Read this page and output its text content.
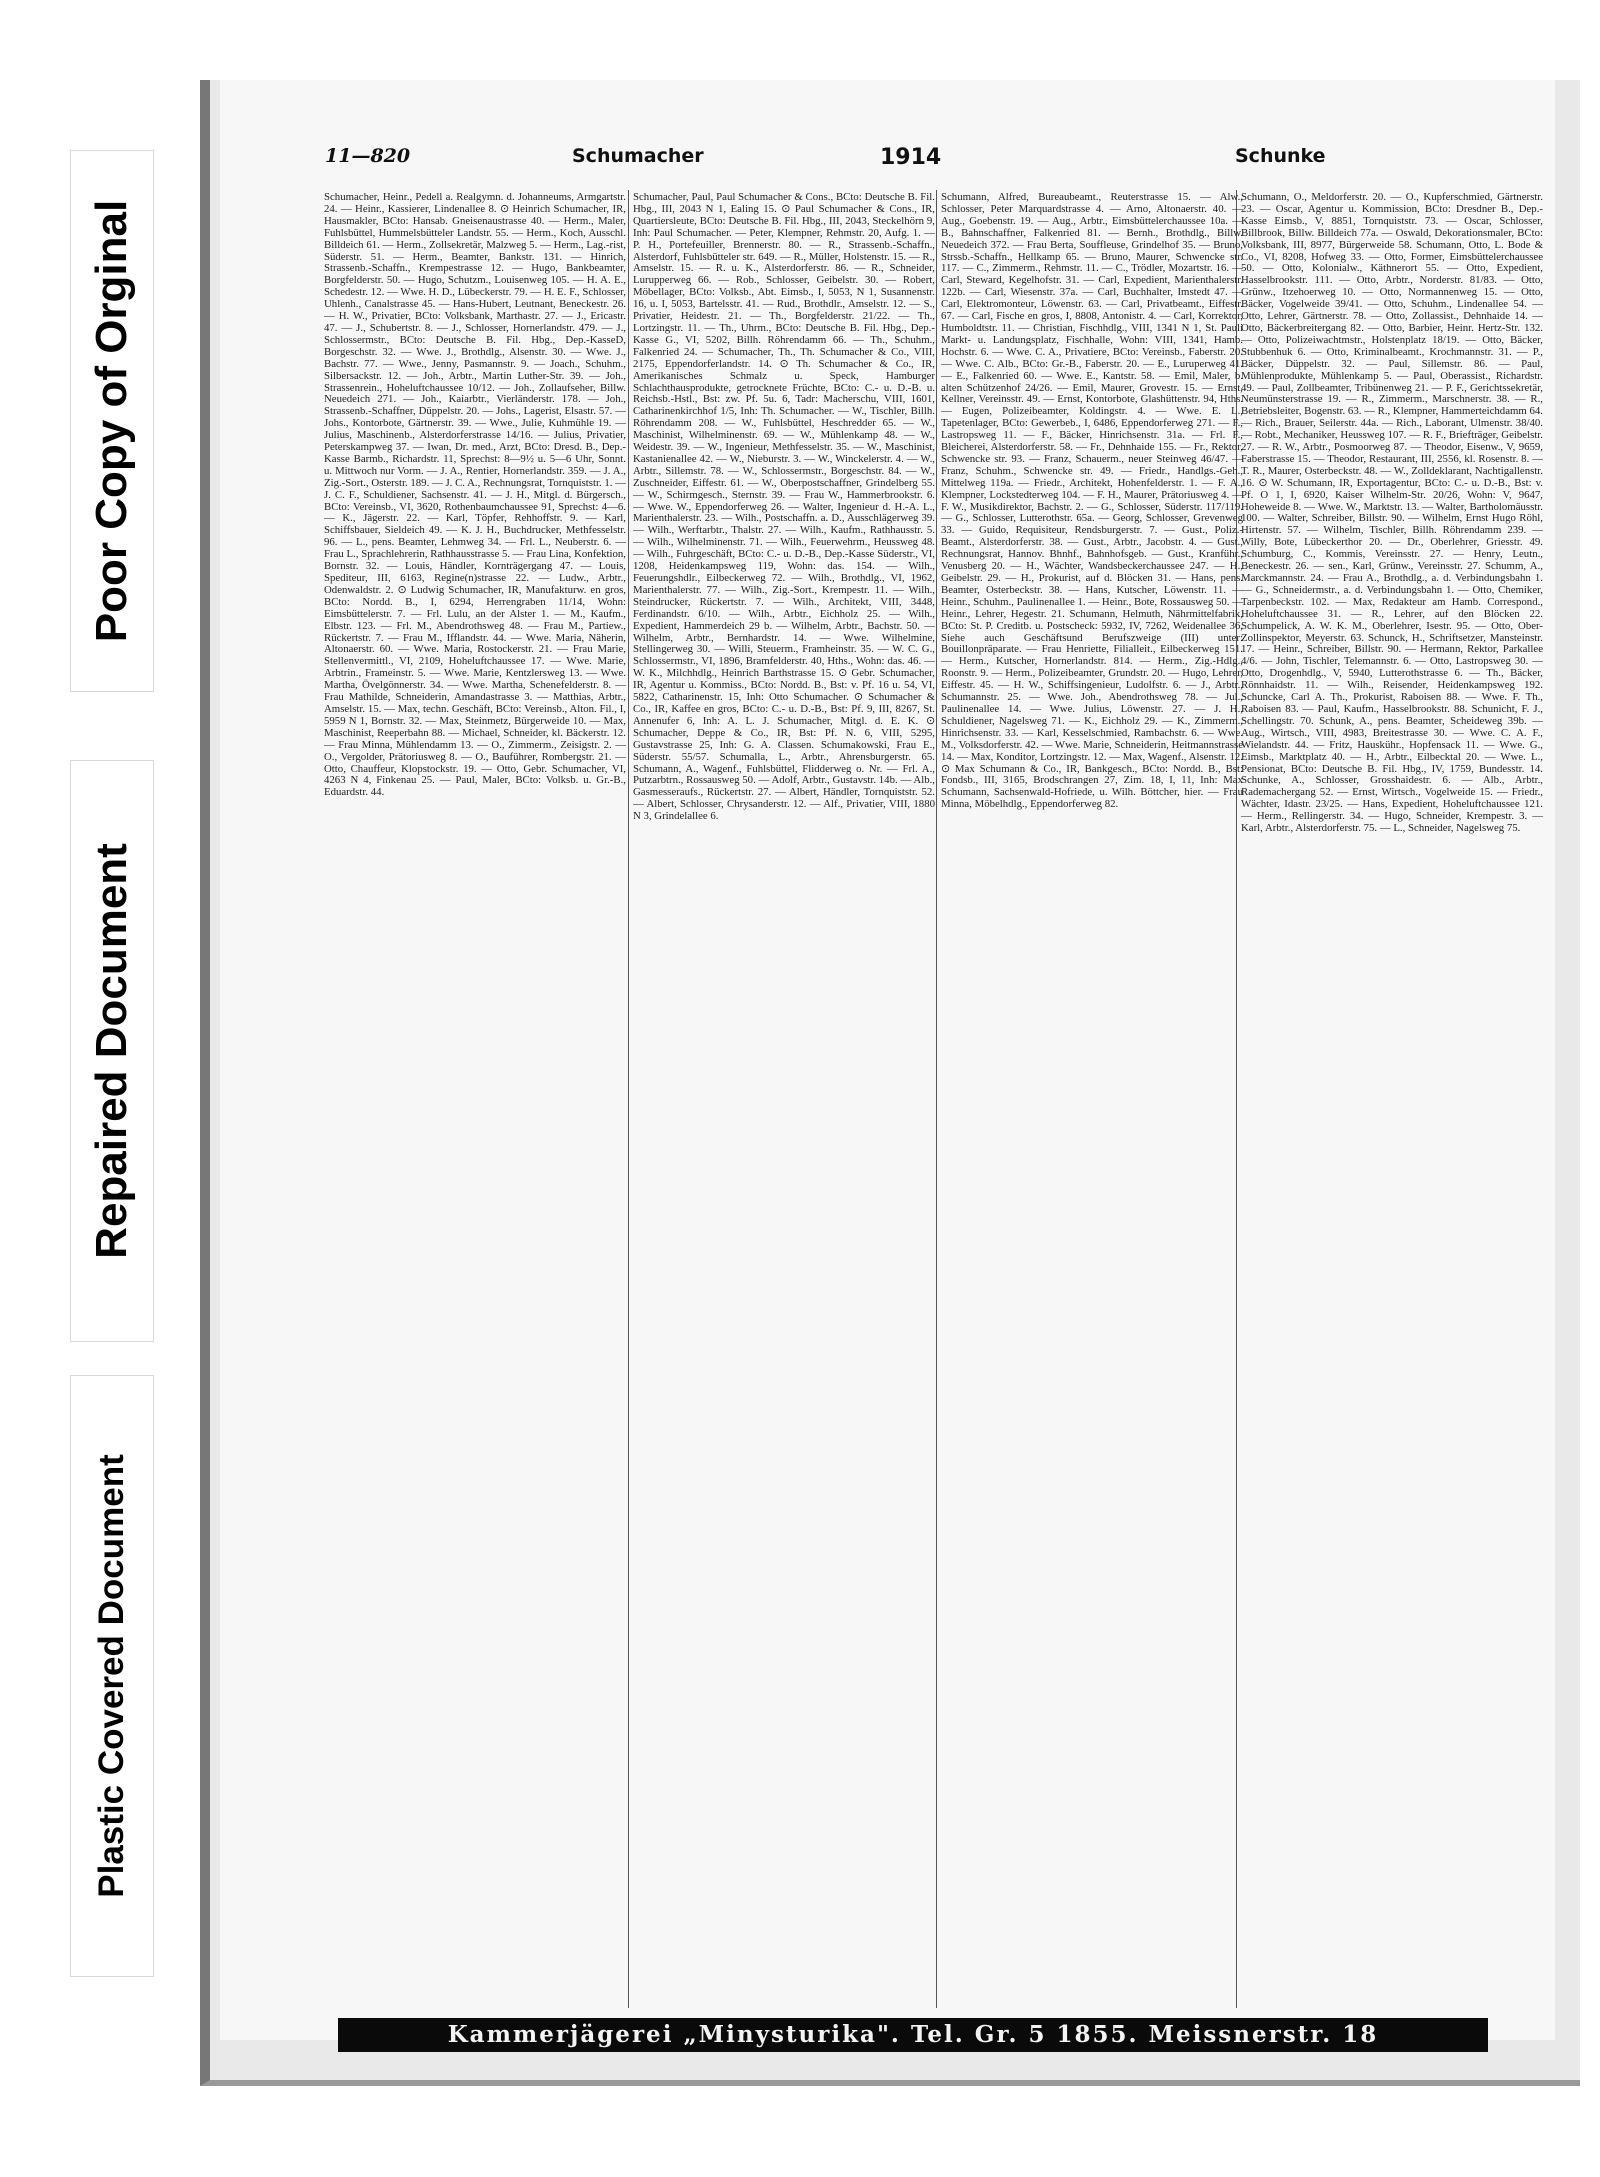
Poor Copy of Orginal
Repaired Document
Plastic Covered Document
11—820	Schumacher	1914	Schunke

Schumacher, Heinr., Pedell a. Realgymn. d. Johanneums, Armgartstr. 24. — Heinr., Kassierer, Lindenallee 8. ⊙ Heinrich Schumacher, IR, Hausmakler, BCto: Hansab. Gneisenaustrasse 40. — Herm., Maler, Fuhlsbüttel, Hummelsbütteler Landstr. 55. — Herm., Koch, Ausschl. Billdeich 61. — Herm., Zollsekretär, Malzweg 5. — Herm., Lag.-rist, Süderstr. 51. — Herm., Beamter, Bankstr. 131. — Hinrich, Strassenb.-Schaffn., Krempestrasse 12. — Hugo, Bankbeamter, Borgfelderstr. 50. — Hugo, Schutzm., Louisenweg 105. — H. A. E., Schedestr. 12. — Wwe. H. D., Lübeckerstr. 79. — H. E. F., Schlosser, Uhlenh., Canalstrasse 45. — Hans-Hubert, Leutnant, Beneckestr. 26. — H. W., Privatier, BCto: Volksbank, Marthastr. 27. — J., Ericastr. 47. — J., Schubertstr. 8. — J., Schlosser, Hornerlandstr. 479. — J., Schlossermstr., BCto: Deutsche B. Fil. Hbg., Dep.-KasseD, Borgeschstr. 32. — Wwe. J., Brothdlg., Alsenstr. 30. — Wwe. J., Bachstr. 77. — Wwe., Jenny, Pasmannstr. 9. — Joach., Schuhm., Silbersackstr. 12. — Joh., Arbtr., Martin Luther-Str. 39. — Joh., Strassenrein., Hoheluftchaussee 10/12. — Joh., Zollaufseher, Billw. Neuedeich 271. — Joh., Kaiarbtr., Vierländerstr. 178. — Joh., Strassenb.-Schaffner, Düppelstr. 20. — Johs., Lagerist, Elsastr. 57. — Johs., Kontorbote, Gärtnerstr. 39. — Wwe., Julie, Kuhmühle 19. — Julius, Maschinenb., Alsterdorferstrasse 14/16. — Julius, Privatier, Peterskampweg 37. — Iwan, Dr. med., Arzt, BCto: Dresd. B., Dep.-Kasse Barmb., Richardstr. 11, Sprechst: 8—9½ u. 5—6 Uhr, Sonnt. u. Mittwoch nur Vorm. — J. A., Rentier, Hornerlandstr. 359. — J. A., Zig.-Sort., Osterstr. 189. — J. C. A., Rechnungsrat, Tornquiststr. 1. — J. C. F., Schuldiener, Sachsenstr. 41. — J. H., Mitgl. d. Bürgersch., BCto: Vereinsb., VI, 3620, Rothenbaumchaussee 91, Sprechst: 4—6. — K., Jägerstr. 22. — Karl, Töpfer, Rehhoffstr. 9. — Karl, Schiffsbauer, Sieldeich 49. — K. J. H., Buchdrucker, Methfesselstr. 96. — L., pens. Beamter, Lehmweg 34. — Frl. L., Neuberstr. 6. — Frau L., Sprachlehrerin, Rathhausstrasse 5. — Frau Lina, Konfektion, Bornstr. 32. — Louis, Händler, Kornträgergang 47. — Louis, Spediteur, III, 6163, Regine(n)strasse 22. — Ludw., Arbtr., Odenwaldstr. 2. ⊙ Ludwig Schumacher, IR, Manufakturw. en gros, BCto: Nordd. B., I, 6294, Herrengraben 11/14, Wohn: Eimsbüttelerstr. 7. — Frl. Lulu, an der Alster 1. — M., Kaufm., Elbstr. 123. — Frl. M., Abendrothsweg 48. — Frau M., Partiew., Rückertstr. 7. — Frau M., Ifflandstr. 44. — Wwe. Maria, Näherin, Altonaerstr. 60. — Wwe. Maria, Rostockerstr. 21. — Frau Marie, Stellenvermittl., VI, 2109, Hoheluftchaussee 17. — Wwe. Marie, Arbtrin., Frameinstr. 5. — Wwe. Marie, Kentzlersweg 13. — Wwe. Martha, Övelgönnerstr. 34. — Wwe. Martha, Schenefelderstr. 8. — Frau Mathilde, Schneiderin, Amandastrasse 3. — Matthias, Arbtr., Amselstr. 15. — Max, techn. Geschäft, BCto: Vereinsb., Alton. Fil., I, 5959 N 1, Bornstr. 32. — Max, Steinmetz, Bürgerweide 10. — Max, Maschinist, Reeperbahn 88. — Michael, Schneider, kl. Bäckerstr. 12. — Frau Minna, Mühlendamm 13. — O., Zimmerm., Zeisigstr. 2. — O., Vergolder, Prätoriusweg 8. — O., Bauführer, Rombergstr. 21. — Otto, Chauffeur, Klopstockstr. 19. — Otto, Gebr. Schumacher, VI, 4263 N 4, Finkenau 25. — Paul, Maler, BCto: Volksb. u. Gr.-B., Eduardstr. 44.

Schumacher, Paul, Paul Schumacher & Cons., BCto: Deutsche B. Fil. Hbg., III, 2043 N 1, Ealing 15. ⊙ Paul Schumacher & Cons., IR, Quartiersleute, BCto: Deutsche B. Fil. Hbg., III, 2043, Steckelhörn 9, Inh: Paul Schumacher. — Peter, Klempner, Rehmstr. 20, Aufg. 1. — P. H., Portefeuiller, Brennerstr. 80. — R., Strassenb.-Schaffn., Alsterdorf, Fuhlsbütteler str. 649. — R., Müller, Holstenstr. 15. — R., Amselstr. 15. — R. u. K., Alsterdorferstr. 86. — R., Schneider, Lurupperweg 66. — Rob., Schlosser, Geibelstr. 30. — Robert, Möbellager, BCto: Volksb., Abt. Eimsb., I, 5053, N 1, Susannenstr. 16, u. I, 5053, Bartelsstr. 41. — Rud., Brothdlr., Amselstr. 12. — S., Privatier, Heidestr. 21. — Th., Borgfelderstr. 21/22. — Th., Lortzingstr. 11. — Th., Uhrm., BCto: Deutsche B. Fil. Hbg., Dep.-Kasse G., VI, 5202, Billh. Röhrendamm 66. — Th., Schuhm., Falkenried 24. — Schumacher, Th., Th. Schumacher & Co., VIII, 2175, Eppendorferlandstr. 14. ⊙ Th. Schumacher & Co., IR, Amerikanisches Schmalz u. Speck, Hamburger Schlachthausprodukte, getrocknete Früchte, BCto: C.- u. D.-B. u. Reichsb.-Hstl., Bst: zw. Pf. 5u. 6, Tadr: Macherschu, VIII, 1601, Catharinenkirchhof 1/5, Inh: Th. Schumacher. — W., Tischler, Billh. Röhrendamm 208. — W., Fuhlsbüttel, Heschredder 65. — W., Maschinist, Wilhelminenstr. 69. — W., Mühlenkamp 48. — W., Weidestr. 39. — W., Ingenieur, Methfesselstr. 35. — W., Maschinist, Kastanienallee 42. — W., Nieburstr. 3. — W., Winckelerstr. 4. — W., Arbtr., Sillemstr. 78. — W., Schlossermstr., Borgeschstr. 84. — W., Zuschneider, Eiffestr. 61. — W., Oberpostschaffner, Grindelberg 55. — W., Schirmgesch., Sternstr. 39. — Frau W., Hammerbrookstr. 6. — Wwe. W., Eppendorferweg 26. — Walter, Ingenieur d. H.-A. L., Marienthalerstr. 23. — Wilh., Postschaffn. a. D., Ausschlägerweg 39. — Wilh., Werftarbtr., Thalstr. 27. — Wilh., Kaufm., Rathhausstr. 5. — Wilh., Wilhelminenstr. 71. — Wilh., Feuerwehrm., Heussweg 48. — Wilh., Fuhrgeschäft, BCto: C.- u. D.-B., Dep.-Kasse Süderstr., VI, 1208, Heidenkampsweg 119, Wohn: das. 154. — Wilh., Feuerungshdlr., Eilbeckerweg 72. — Wilh., Brothdlg., VI, 1962, Marienthalerstr. 77. — Wilh., Zig.-Sort., Krempestr. 11. — Wilh., Steindrucker, Rückertstr. 7. — Wilh., Architekt, VIII, 3448, Ferdinandstr. 6/10. — Wilh., Arbtr., Eichholz 25. — Wilh., Expedient, Hammerdeich 29 b. — Wilhelm, Arbtr., Bachstr. 50. — Wilhelm, Arbtr., Bernhardstr. 14. — Wwe. Wilhelmine, Stellingerweg 30. — Willi, Steuerm., Framheinstr. 35. — W. C. G., Schlossermstr., VI, 1896, Bramfelderstr. 40, Hths., Wohn: das. 46. — W. K., Milchhdlg., Heinrich Barthstrasse 15. ⊙ Gebr. Schumacher, IR, Agentur u. Kommiss., BCto: Nordd. B., Bst: v. Pf. 16 u. 54, VI, 5822, Catharinenstr. 15, Inh: Otto Schumacher. ⊙ Schumacher & Co., IR, Kaffee en gros, BCto: C.- u. D.-B., Bst: Pf. 9, III, 8267, St. Annenufer 6, Inh: A. L. J. Schumacher, Mitgl. d. E. K. ⊙ Schumacher, Deppe & Co., IR, Bst: Pf. N. 6, VIII, 5295, Gustavstrasse 25, Inh: G. A. Classen. Schumakowski, Frau E., Süderstr. 55/57. Schumalla, L., Arbtr., Ahrensburgerstr. 65. Schumann, A., Wagenf., Fuhlsbüttel, Flidderweg o. Nr. — Frl. A., Putzarbtrn., Rossausweg 50. — Adolf, Arbtr., Gustavstr. 14b. — Alb., Gasmesseraufs., Rückertstr. 27. — Albert, Händler, Tornquiststr. 52. — Albert, Schlosser, Chrysanderstr. 12. — Alf., Privatier, VIII, 1880 N 3, Grindelallee 6.

Schumann, Alfred, Bureaubeamt., Reuterstrasse 15. — Alw., Schlosser, Peter Marquardstrasse 4. — Arno, Altonaerstr. 40. — Aug., Goebenstr. 19. — Aug., Arbtr., Eimsbüttelerchaussee 10a. — B., Bahnschaffner, Falkenried 81. — Bernh., Brothdlg., Billw. Neuedeich 372. — Frau Berta, Souffleuse, Grindelhof 35. — Bruno, Strssb.-Schaffn., Hellkamp 65. — Bruno, Maurer, Schwencke str. 117. — C., Zimmerm., Rehmstr. 11. — C., Trödler, Mozartstr. 16. — Carl, Steward, Kegelhofstr. 31. — Carl, Expedient, Marienthalerstr. 122b. — Carl, Wiesenstr. 37a. — Carl, Buchhalter, Imstedt 47. — Carl, Elektromonteur, Löwenstr. 63. — Carl, Privatbeamt., Eiffestr. 67. — Carl, Fische en gros, I, 8808, Antonistr. 4. — Carl, Korrektor, Humboldtstr. 11. — Christian, Fischhdlg., VIII, 1341 N 1, St. Pauli Markt- u. Landungsplatz, Fischhalle, Wohn: VIII, 1341, Hamb. Hochstr. 6. — Wwe. C. A., Privatiere, BCto: Vereinsb., Faberstr. 20. — Wwe. C. Alb., BCto: Gr.-B., Faberstr. 20. — E., Luruperweg 41. — E., Falkenried 60. — Wwe. E., Kantstr. 58. — Emil, Maler, b. alten Schützenhof 24/26. — Emil, Maurer, Grovestr. 15. — Ernst, Kellner, Vereinsstr. 49. — Ernst, Kontorbote, Glashüttenstr. 94, Hths. — Eugen, Polizeibeamter, Koldingstr. 4. — Wwe. E. L., Tapetenlager, BCto: Gewerbeb., I, 6486, Eppendorferweg 271. — F., Lastropsweg 11. — F., Bäcker, Hinrichsenstr. 31a. — Frl. F., Bleicherei, Alsterdorferstr. 58. — Fr., Dehnhaide 155. — Fr., Rektor, Schwencke str. 93. — Franz, Schauerm., neuer Steinweg 46/47. — Franz, Schuhm., Schwencke str. 49. — Friedr., Handlgs.-Geh., Mittelweg 119a. — Friedr., Architekt, Hohenfelderstr. 1. — F. A., Klempner, Lockstedterweg 104. — F. H., Maurer, Prätoriusweg 4. — F. W., Musikdirektor, Bachstr. 2. — G., Schlosser, Süderstr. 117/119. — G., Schlosser, Lutterothstr. 65a. — Georg, Schlosser, Grevenweg 33. — Guido, Requisiteur, Rendsburgerstr. 7. — Gust., Poliz.-Beamt., Alsterdorferstr. 38. — Gust., Arbtr., Jacobstr. 4. — Gust., Rechnungsrat, Hannov. Bhnhf., Bahnhofsgeb. — Gust., Kranführ., Venusberg 20. — H., Wächter, Wandsbeckerchaussee 247. — H., Geibelstr. 29. — H., Prokurist, auf d. Blöcken 31. — Hans, pens. Beamter, Osterbeckstr. 38. — Hans, Kutscher, Löwenstr. 11. — Heinr., Schuhm., Paulinenallee 1. — Heinr., Bote, Rossausweg 50. — Heinr., Lehrer, Hegestr. 21. Schumann, Helmuth, Nährmittelfabrik, BCto: St. P. Creditb. u. Postscheck: 5932, IV, 7262, Weidenallee 36, Siehe auch Geschäftsund Berufszweige (III) unter: Bouillonpräparate. — Frau Henriette, Filialleit., Eilbeckerweg 151. — Herm., Kutscher, Hornerlandstr. 814. — Herm., Zig.-Hdlg., Roonstr. 9. — Herm., Polizeibeamter, Grundstr. 20. — Hugo, Lehrer, Eiffestr. 45. — H. W., Schiffsingenieur, Ludolfstr. 6. — J., Arbtr., Schumannstr. 25. — Wwe. Joh., Abendrothsweg 78. — Jul., Paulinenallee 14. — Wwe. Julius, Löwenstr. 27. — J. H., Schuldiener, Nagelsweg 71. — K., Eichholz 29. — K., Zimmerm., Hinrichsenstr. 33. — Karl, Kesselschmied, Rambachstr. 6. — Wwe. M., Volksdorferstr. 42. — Wwe. Marie, Schneiderin, Heitmannstrasse 14. — Max, Konditor, Lortzingstr. 12. — Max, Wagenf., Alsenstr. 12. ⊙ Max Schumann & Co., IR, Bankgesch., BCto: Nordd. B., Bst: Fondsb., III, 3165, Brodschrangen 27, Zim. 18, I, 11, Inh: Max Schumann, Sachsenwald-Hofriede, u. Wilh. Böttcher, hier. — Frau Minna, Möbelhdlg., Eppendorferweg 82.

Schumann, O., Meldorferstr. 20. — O., Kupferschmied, Gärtnerstr. 23. — Oscar, Agentur u. Kommission, BCto: Dresdner B., Dep.-Kasse Eimsb., V, 8851, Tornquiststr. 73. — Oscar, Schlosser, Billbrook, Billw. Billdeich 77a. — Oswald, Dekorationsmaler, BCto: Volksbank, III, 8977, Bürgerweide 58. Schumann, Otto, L. Bode & Co., VI, 8208, Hofweg 33. — Otto, Former, Eimsbüttelerchaussee 50. — Otto, Kolonialw., Käthnerort 55. — Otto, Expedient, Hasselbrookstr. 111. — Otto, Arbtr., Norderstr. 81/83. — Otto, Grünw., Itzehoerweg 10. — Otto, Normannenweg 15. — Otto, Bäcker, Vogelweide 39/41. — Otto, Schuhm., Lindenallee 54. — Otto, Lehrer, Gärtnerstr. 78. — Otto, Zollassist., Dehnhaide 14. — Otto, Bäckerbreitergang 82. — Otto, Barbier, Heinr. Hertz-Str. 132. — Otto, Polizeiwachtmstr., Holstenplatz 18/19. — Otto, Bäcker, Stubbenhuk 6. — Otto, Kriminalbeamt., Krochmannstr. 31. — P., Bäcker, Düppelstr. 32. — Paul, Sillemstr. 86. — Paul, Mühlenprodukte, Mühlenkamp 5. — Paul, Oberassist., Richardstr. 49. — Paul, Zollbeamter, Tribünenweg 21. — P. F., Gerichtssekretär, Neumünsterstrasse 19. — R., Zimmerm., Marschnerstr. 38. — R., Betriebsleiter, Bogenstr. 63. — R., Klempner, Hammerteichdamm 64. — Rich., Brauer, Seilerstr. 44a. — Rich., Laborant, Ulmenstr. 38/40. — Robt., Mechaniker, Heussweg 107. — R. F., Briefträger, Geibelstr. 27. — R. W., Arbtr., Posmoorweg 87. — Theodor, Eisenw., V, 9659, Faberstrasse 15. — Theodor, Restaurant, III, 2556, kl. Rosenstr. 8. — T. R., Maurer, Osterbeckstr. 48. — W., Zolldeklarant, Nachtigallenstr. 16. ⊙ W. Schumann, IR, Exportagentur, BCto: C.- u. D.-B., Bst: v. Pf. O 1, I, 6920, Kaiser Wilhelm-Str. 20/26, Wohn: V, 9647, Hoheweide 8. — Wwe. W., Marktstr. 13. — Walter, Bartholomäusstr. 100. — Walter, Schreiber, Billstr. 90. — Wilhelm, Ernst Hugo Röhl, Hirtenstr. 57. — Wilhelm, Tischler, Billh. Röhrendamm 239. — Willy, Bote, Lübeckerthor 20. — Dr., Oberlehrer, Griesstr. 49. Schumburg, C., Kommis, Vereinsstr. 27. — Henry, Leutn., Beneckestr. 26. — sen., Karl, Grünw., Vereinsstr. 27. Schumm, A., Marckmannstr. 24. — Frau A., Brothdlg., a. d. Verbindungsbahn 1. — G., Schneidermstr., a. d. Verbindungsbahn 1. — Otto, Chemiker, Tarpenbeckstr. 102. — Max, Redakteur am Hamb. Correspond., Hoheluftchaussee 31. — R., Lehrer, auf den Blöcken 22. Schumpelick, A. W. K. M., Oberlehrer, Isestr. 95. — Otto, Ober-Zollinspektor, Meyerstr. 63. Schunck, H., Schriftsetzer, Mansteinstr. 17. — Heinr., Schreiber, Billstr. 90. — Hermann, Rektor, Parkallee 4/6. — John, Tischler, Telemannstr. 6. — Otto, Lastropsweg 30. — Otto, Drogenhdlg., V, 5940, Lutterothstrasse 6. — Th., Bäcker, Rönnhaidstr. 11. — Wilh., Reisender, Heidenkampsweg 192. Schuncke, Carl A. Th., Prokurist, Raboisen 88. — Wwe. F. Th., Raboisen 83. — Paul, Kaufm., Hasselbrookstr. 88. Schunicht, F. J., Schellingstr. 70. Schunk, A., pens. Beamter, Scheideweg 39b. — Aug., Wirtsch., VIII, 4983, Breitestrasse 30. — Wwe. C. A. F., Wielandstr. 44. — Fritz, Hauskühr., Hopfensack 11. — Wwe. G., Eimsb., Marktplatz 40. — H., Arbtr., Eilbecktal 20. — Wwe. L., Pensionat, BCto: Deutsche B. Fil. Hbg., IV, 1759, Bundesstr. 14. Schunke, A., Schlosser, Grosshaidestr. 6. — Alb., Arbtr., Rademachergang 52. — Ernst, Wirtsch., Vogelweide 15. — Friedr., Wächter, Idastr. 23/25. — Hans, Expedient, Hoheluftchaussee 121. — Herm., Rellingerstr. 34. — Hugo, Schneider, Krempestr. 3. — Karl, Arbtr., Alsterdorferstr. 75. — L., Schneider, Nagelsweg 75.

Kammerjägerei „Minysturika". Tel. Gr. 5 1855. Meissnerstr. 18
